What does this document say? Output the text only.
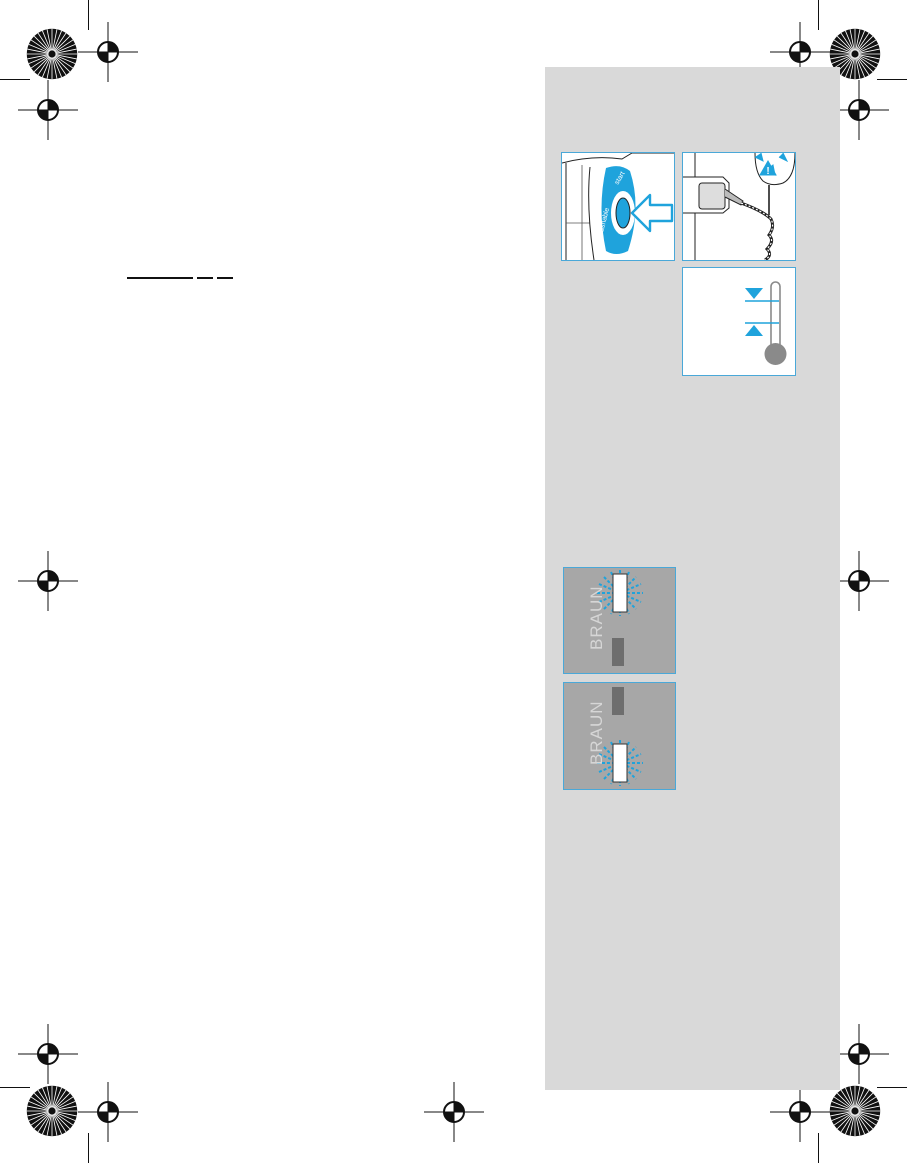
washable
start	!
BRAUN
BRAUN
